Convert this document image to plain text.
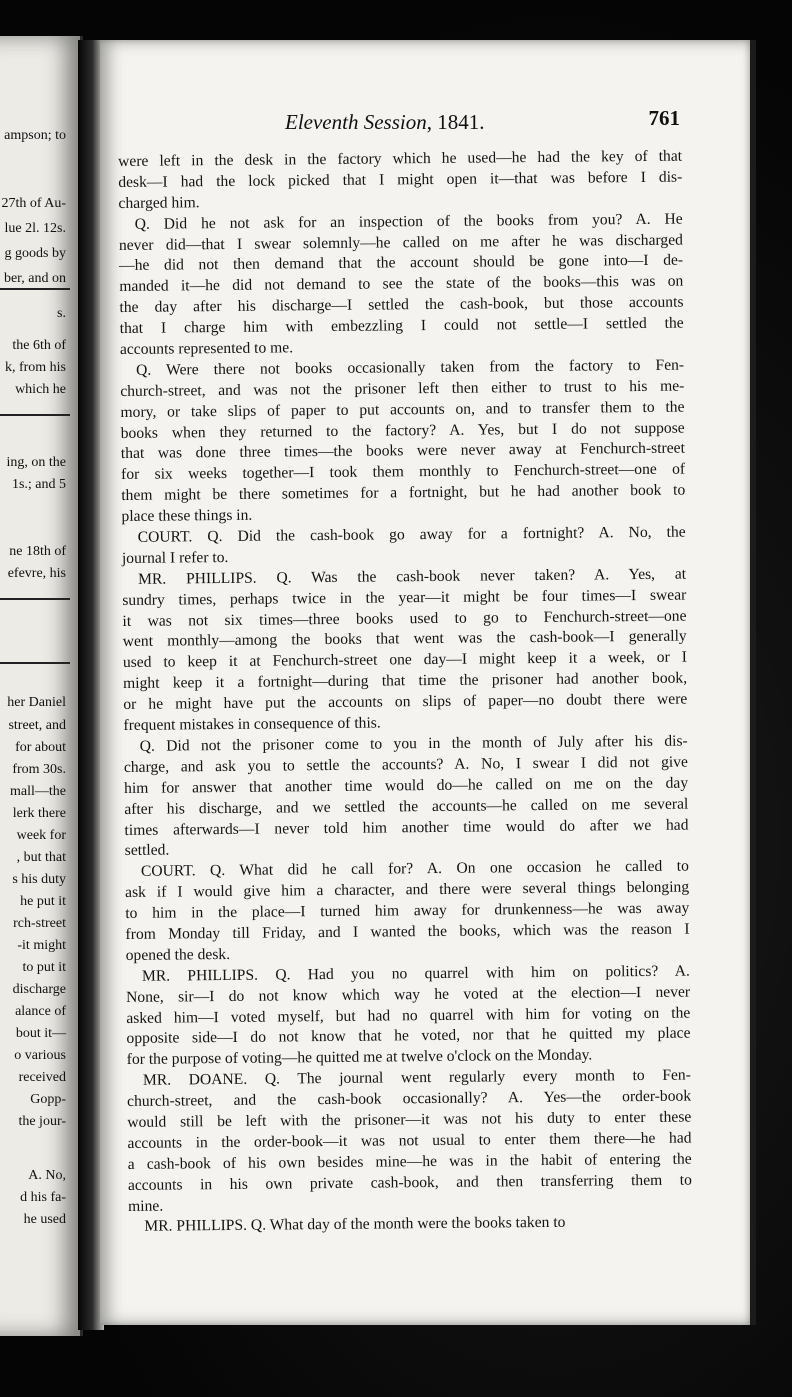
ampson; to
27th of Au-
lue 2l. 12s.
g goods by
ber, and on
s.
the 6th of
k, from his
which he
ing, on the
1s.; and 5
ne 18th of
efevre, his
her Daniel
street, and
for about
from 30s.
mall—the
lerk there
week for
, but that
s his duty
he put it
rch-street
-it might
to put it
discharge
alance of
bout it—
o various
received
Gopp-
the jour-
A. No,
d his fa-
he used
Eleventh Session, 1841.	761
were left in the desk in the factory which he used—he had the key of that
desk—I had the lock picked that I might open it—that was before I dis-
charged him.
Q. Did he not ask for an inspection of the books from you? A. He
never did—that I swear solemnly—he called on me after he was discharged
—he did not then demand that the account should be gone into—I de-
manded it—he did not demand to see the state of the books—this was on
the day after his discharge—I settled the cash-book, but those accounts
that I charge him with embezzling I could not settle—I settled the
accounts represented to me.
Q. Were there not books occasionally taken from the factory to Fen-
church-street, and was not the prisoner left then either to trust to his me-
mory, or take slips of paper to put accounts on, and to transfer them to the
books when they returned to the factory? A. Yes, but I do not suppose
that was done three times—the books were never away at Fenchurch-street
for six weeks together—I took them monthly to Fenchurch-street—one of
them might be there sometimes for a fortnight, but he had another book to
place these things in.
COURT. Q. Did the cash-book go away for a fortnight? A. No, the
journal I refer to.
MR. PHILLIPS. Q. Was the cash-book never taken? A. Yes, at
sundry times, perhaps twice in the year—it might be four times—I swear
it was not six times—three books used to go to Fenchurch-street—one
went monthly—among the books that went was the cash-book—I generally
used to keep it at Fenchurch-street one day—I might keep it a week, or I
might keep it a fortnight—during that time the prisoner had another book,
or he might have put the accounts on slips of paper—no doubt there were
frequent mistakes in consequence of this.
Q. Did not the prisoner come to you in the month of July after his dis-
charge, and ask you to settle the accounts? A. No, I swear I did not give
him for answer that another time would do—he called on me on the day
after his discharge, and we settled the accounts—he called on me several
times afterwards—I never told him another time would do after we had
settled.
COURT. Q. What did he call for? A. On one occasion he called to
ask if I would give him a character, and there were several things belonging
to him in the place—I turned him away for drunkenness—he was away
from Monday till Friday, and I wanted the books, which was the reason I
opened the desk.
MR. PHILLIPS. Q. Had you no quarrel with him on politics? A.
None, sir—I do not know which way he voted at the election—I never
asked him—I voted myself, but had no quarrel with him for voting on the
opposite side—I do not know that he voted, nor that he quitted my place
for the purpose of voting—he quitted me at twelve o'clock on the Monday.
MR. DOANE. Q. The journal went regularly every month to Fen-
church-street, and the cash-book occasionally? A. Yes—the order-book
would still be left with the prisoner—it was not his duty to enter these
accounts in the order-book—it was not usual to enter them there—he had
a cash-book of his own besides mine—he was in the habit of entering the
accounts in his own private cash-book, and then transferring them to
mine.
MR. PHILLIPS. Q. What day of the month were the books taken to
